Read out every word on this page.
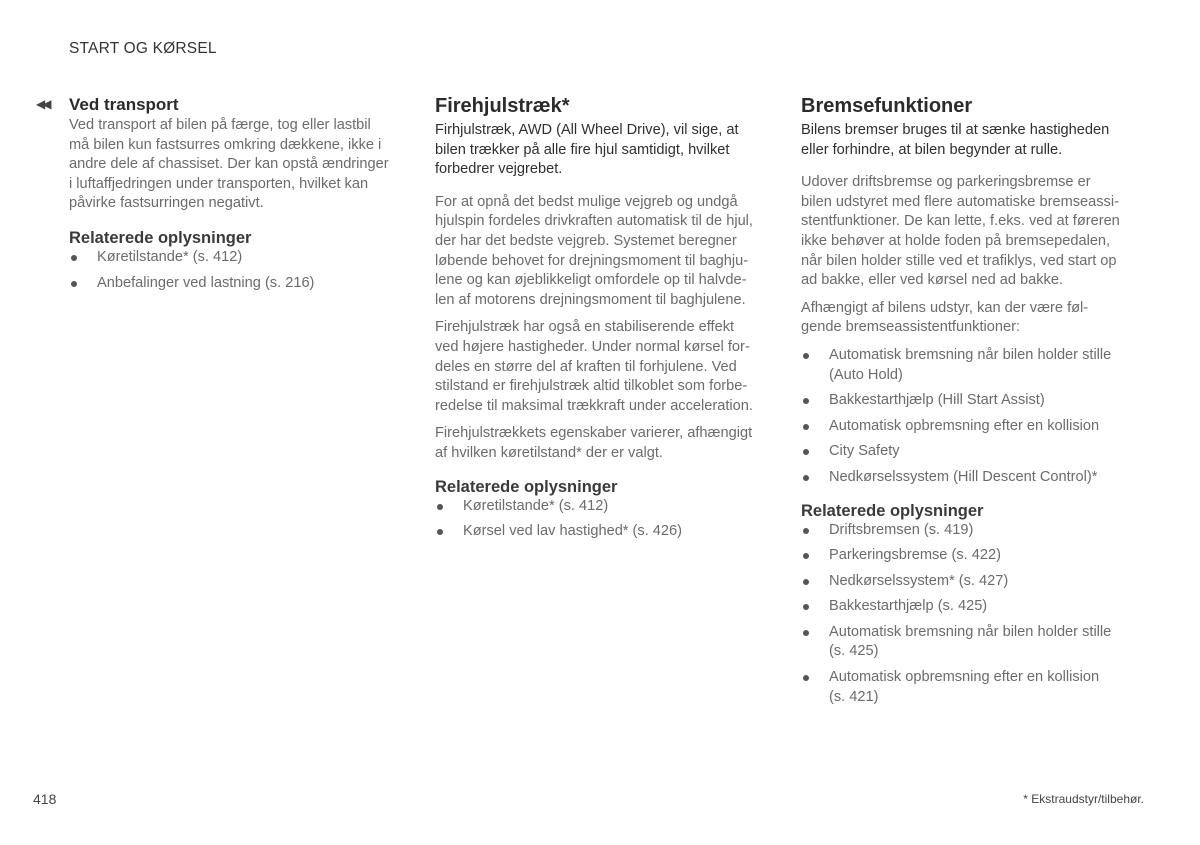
START OG KØRSEL
◀◀ Ved transport

Ved transport af bilen på færge, tog eller lastbil
må bilen kun fastsurres omkring dækkene, ikke i
andre dele af chassiset. Der kan opstå ændringer
i luftaffjedringen under transporten, hvilket kan
påvirke fastsurringen negativt.

Relaterede oplysninger
Køretilstande* (s. 412)
Anbefalinger ved lastning (s. 216)
Firehjulstræk*

Firhjulstræk, AWD (All Wheel Drive), vil sige, at
bilen trækker på alle fire hjul samtidigt, hvilket
forbedrer vejgrebet.

For at opnå det bedst mulige vejgreb og undgå
hjulspin fordeles drivkraften automatisk til de hjul,
der har det bedste vejgreb. Systemet beregner
løbende behovet for drejningsmoment til baghju-
lene og kan øjeblikkeligt omfordele op til halvde-
len af motorens drejningsmoment til baghjulene.

Firehjulstræk har også en stabiliserende effekt
ved højere hastigheder. Under normal kørsel for-
deles en større del af kraften til forhjulene. Ved
stilstand er firehjulstræk altid tilkoblet som forbe-
redelse til maksimal trækkraft under acceleration.

Firehjulstrækkets egenskaber varierer, afhængigt
af hvilken køretilstand* der er valgt.

Relaterede oplysninger
Køretilstande* (s. 412)
Kørsel ved lav hastighed* (s. 426)
Bremsefunktioner

Bilens bremser bruges til at sænke hastigheden
eller forhindre, at bilen begynder at rulle.

Udover driftsbremse og parkeringsbremse er
bilen udstyret med flere automatiske bremseassi-
stentfunktioner. De kan lette, f.eks. ved at føreren
ikke behøver at holde foden på bremsepedalen,
når bilen holder stille ved et trafiklys, ved start op
ad bakke, eller ved kørsel ned ad bakke.

Afhængigt af bilens udstyr, kan der være føl-
gende bremseassistentfunktioner:

Automatisk bremsning når bilen holder stille
(Auto Hold)
Bakkestarthjælp (Hill Start Assist)
Automatisk opbremsning efter en kollision
City Safety
Nedkørselssystem (Hill Descent Control)*
Relaterede oplysninger
Driftsbremsen (s. 419)
Parkeringsbremse (s. 422)
Nedkørselssystem* (s. 427)
Bakkestarthjælp (s. 425)
Automatisk bremsning når bilen holder stille
(s. 425)
Automatisk opbremsning efter en kollision
(s. 421)
418	* Ekstraudstyr/tilbehør.
